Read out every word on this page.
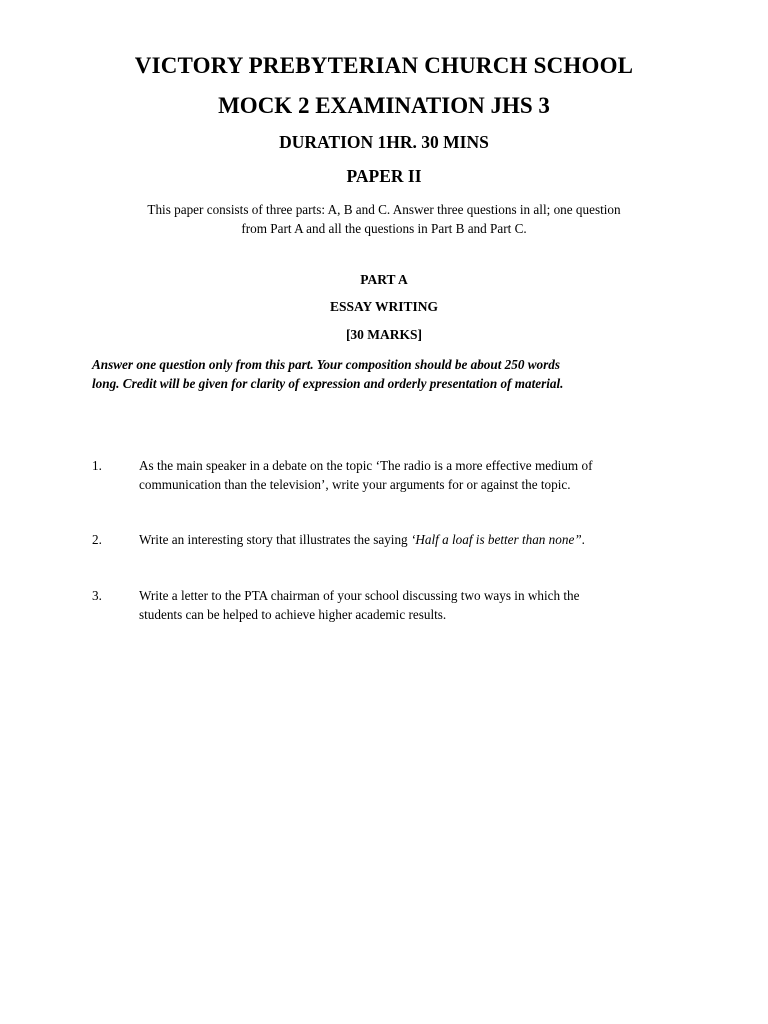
VICTORY PREBYTERIAN CHURCH SCHOOL
MOCK 2 EXAMINATION JHS 3
DURATION 1HR. 30 MINS
PAPER II
This paper consists of three parts: A, B and C. Answer three questions in all; one question
from Part A and all the questions in Part B and Part C.
PART A
ESSAY WRITING
[30 MARKS]
Answer one question only from this part. Your composition should be about 250 words
long. Credit will be given for clarity of expression and orderly presentation of material.
1.	As the main speaker in a debate on the topic ‘The radio is a more effective medium of
communication than the television’, write your arguments for or against the topic.
2.	Write an interesting story that illustrates the saying ‘Half a loaf is better than none”.
3.	Write a letter to the PTA chairman of your school discussing two ways in which the
students can be helped to achieve higher academic results.
